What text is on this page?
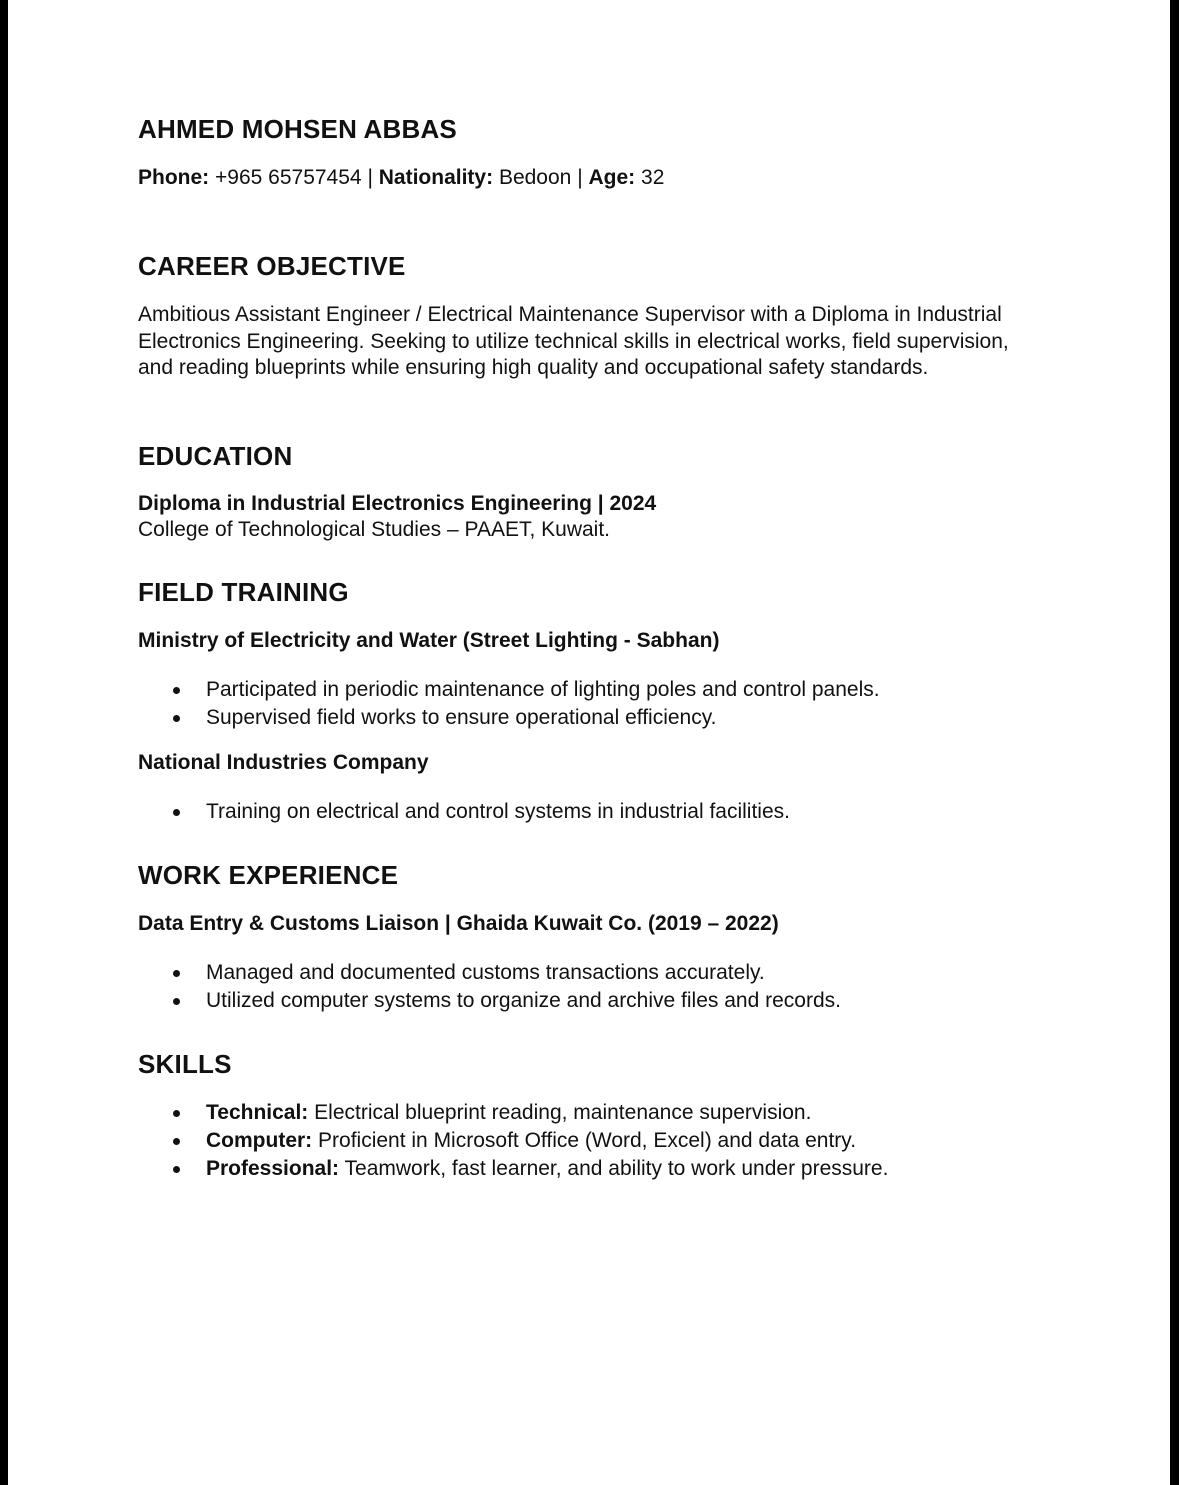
AHMED MOHSEN ABBAS
Phone: +965 65757454 | Nationality: Bedoon | Age: 32
CAREER OBJECTIVE
Ambitious Assistant Engineer / Electrical Maintenance Supervisor with a Diploma in Industrial Electronics Engineering. Seeking to utilize technical skills in electrical works, field supervision, and reading blueprints while ensuring high quality and occupational safety standards.
EDUCATION
Diploma in Industrial Electronics Engineering | 2024
College of Technological Studies – PAAET, Kuwait.
FIELD TRAINING
Ministry of Electricity and Water (Street Lighting - Sabhan)
Participated in periodic maintenance of lighting poles and control panels.
Supervised field works to ensure operational efficiency.
National Industries Company
Training on electrical and control systems in industrial facilities.
WORK EXPERIENCE
Data Entry & Customs Liaison | Ghaida Kuwait Co. (2019 – 2022)
Managed and documented customs transactions accurately.
Utilized computer systems to organize and archive files and records.
SKILLS
Technical: Electrical blueprint reading, maintenance supervision.
Computer: Proficient in Microsoft Office (Word, Excel) and data entry.
Professional: Teamwork, fast learner, and ability to work under pressure.
